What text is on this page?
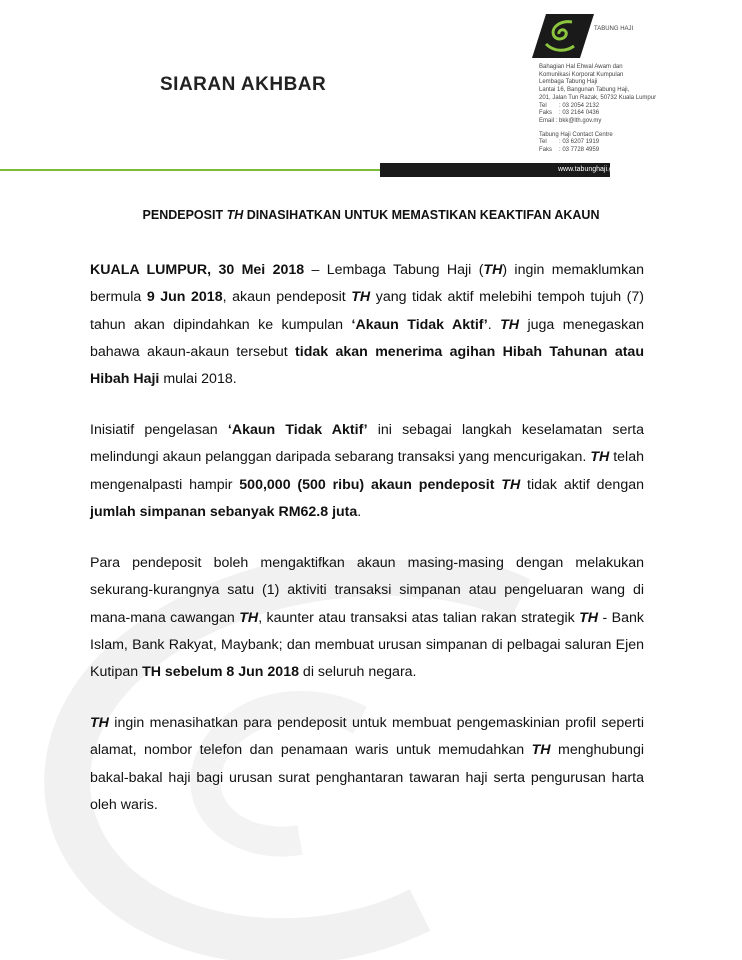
TABUNG HAJI
SIARAN AKHBAR
Bahagian Hal Ehwal Awam dan
Komunikasi Korporat Kumpulan
Lembaga Tabung Haji
Lantai 16, Bangunan Tabung Haji,
201, Jalan Tun Razak, 50732 Kuala Lumpur
Tel : 03 2054 2132
Faks : 03 2164 0436
Email : bkk@lth.gov.my
Tabung Haji Contact Centre
Tel : 03 6207 1919
Faks : 03 7728 4959
www.tabunghaji.gov.my
PENDEPOSIT TH DINASIHATKAN UNTUK MEMASTIKAN KEAKTIFAN AKAUN
KUALA LUMPUR, 30 Mei 2018 – Lembaga Tabung Haji (TH) ingin memaklumkan bermula 9 Jun 2018, akaun pendeposit TH yang tidak aktif melebihi tempoh tujuh (7) tahun akan dipindahkan ke kumpulan ‘Akaun Tidak Aktif’. TH juga menegaskan bahawa akaun-akaun tersebut tidak akan menerima agihan Hibah Tahunan atau Hibah Haji mulai 2018.
Inisiatif pengelasan ‘Akaun Tidak Aktif’ ini sebagai langkah keselamatan serta melindungi akaun pelanggan daripada sebarang transaksi yang mencurigakan. TH telah mengenalpasti hampir 500,000 (500 ribu) akaun pendeposit TH tidak aktif dengan jumlah simpanan sebanyak RM62.8 juta.
Para pendeposit boleh mengaktifkan akaun masing-masing dengan melakukan sekurang-kurangnya satu (1) aktiviti transaksi simpanan atau pengeluaran wang di mana-mana cawangan TH, kaunter atau transaksi atas talian rakan strategik TH - Bank Islam, Bank Rakyat, Maybank; dan membuat urusan simpanan di pelbagai saluran Ejen Kutipan TH sebelum 8 Jun 2018 di seluruh negara.
TH ingin menasihatkan para pendeposit untuk membuat pengemaskinian profil seperti alamat, nombor telefon dan penamaan waris untuk memudahkan TH menghubungi bakal-bakal haji bagi urusan surat penghantaran tawaran haji serta pengurusan harta oleh waris.
